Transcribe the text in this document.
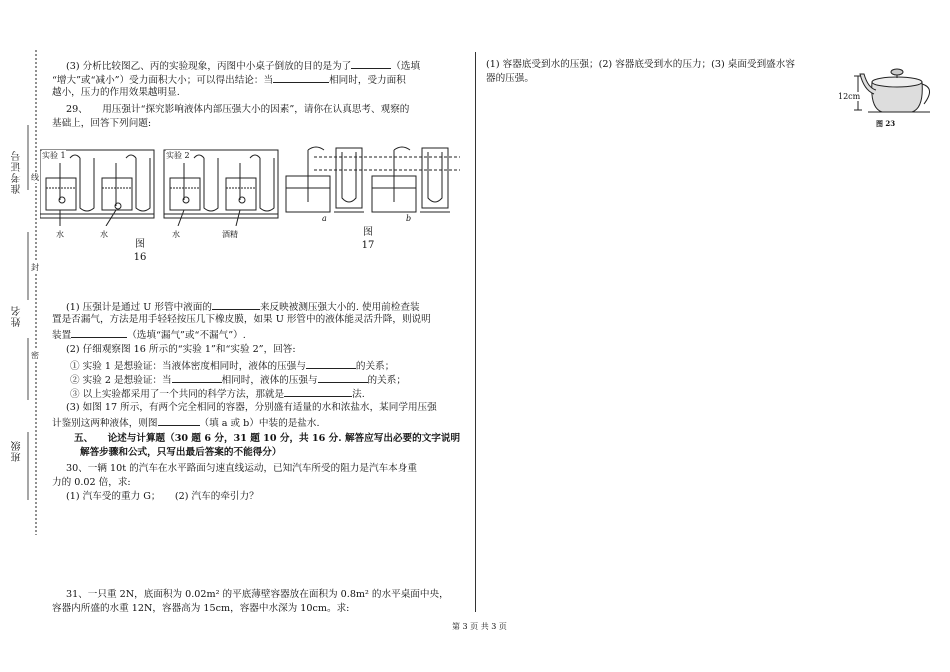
准考证号
姓名
班级
线
封
密
(3) 分析比较图乙、丙的实验现象，丙图中小桌子倒放的目的是为了	（选填
“增大”或“减小”）受力面积大小；可以得出结论：当	相同时，受力面积
越小，压力的作用效果越明显.
29、　　用压强计“探究影响液体内部压强大小的因素”，请你在认真思考、观察的
基础上，回答下列问题:
实验 1	实验 2
水	水	水	酒精
图
16
a	b
图
17
(1) 压强计是通过 U 形管中液面的	来反映被测压强大小的. 使用前检查装
置是否漏气，方法是用手轻轻按压几下橡皮膜，如果 U 形管中的液体能灵活升降，则说明
装置	（选填“漏气”或“不漏气”）.
(2) 仔细观察图 16 所示的“实验 1”和“实验 2”，回答:
① 实验 1 是想验证：当液体密度相同时，液体的压强与	的关系；
② 实验 2 是想验证：当	相同时，液体的压强与	的关系；
③ 以上实验都采用了一个共同的科学方法，那就是	法.
(3) 如图 17 所示，有两个完全相同的容器，分别盛有适量的水和浓盐水，某同学用压强
计鉴别这两种液体，则图	（填 a 或 b）中装的是盐水.
五、　　论述与计算题（30 题 6 分，31 题 10 分，共 16 分. 解答应写出必要的文字说明
解答步骤和公式，只写出最后答案的不能得分）
30、一辆 10t 的汽车在水平路面匀速直线运动，已知汽车所受的阻力是汽车本身重
力的 0.02 倍，求:
(1) 汽车受的重力 G；　　(2) 汽车的牵引力？
31、一只重 2N，底面积为 0.02m² 的平底薄壁容器放在面积为 0.8m² 的水平桌面中央，
容器内所盛的水重 12N，容器高为 15cm，容器中水深为 10cm。求:
(1) 容器底受到水的压强；(2) 容器底受到水的压力；(3) 桌面受到盛水容
器的压强。
12cm
图 23
第 3 页 共 3 页
